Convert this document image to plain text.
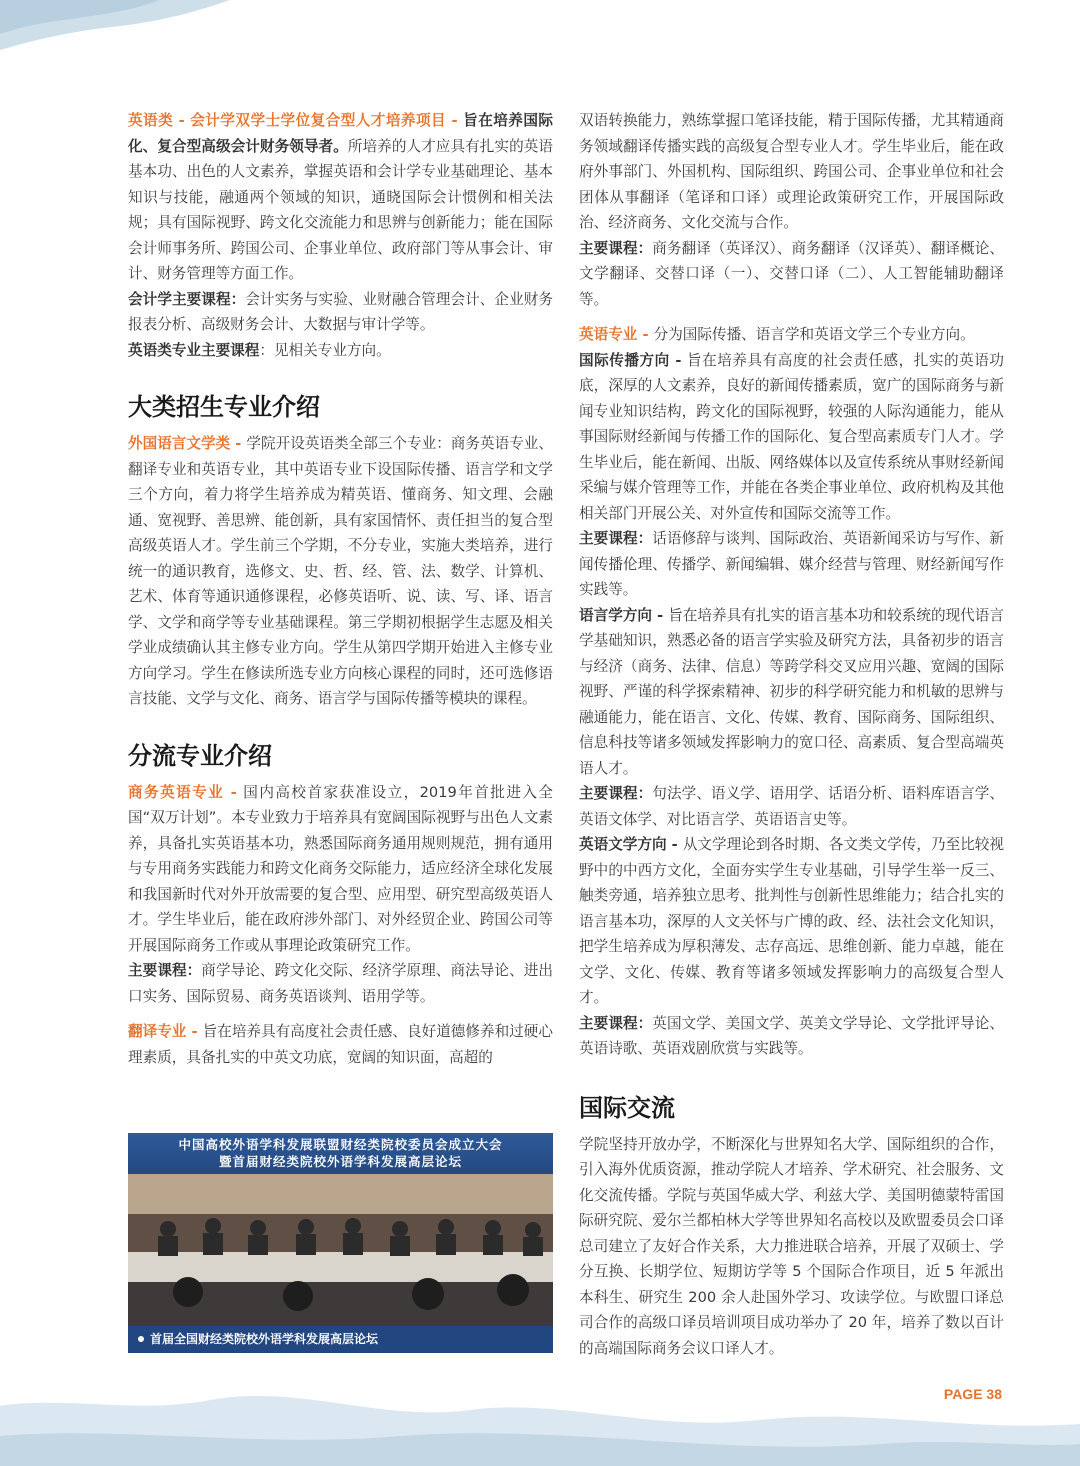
英语类 - 会计学双学士学位复合型人才培养项目 - 旨在培养国际化、复合型高级会计财务领导者。所培养的人才应具有扎实的英语基本功、出色的人文素养，掌握英语和会计学专业基础理论、基本知识与技能，融通两个领域的知识，通晓国际会计惯例和相关法规；具有国际视野、跨文化交流能力和思辨与创新能力；能在国际会计师事务所、跨国公司、企事业单位、政府部门等从事会计、审计、财务管理等方面工作。

会计学主要课程：会计实务与实验、业财融合管理会计、企业财务报表分析、高级财务会计、大数据与审计学等。

英语类专业主要课程：见相关专业方向。

大类招生专业介绍

外国语言文学类 - 学院开设英语类全部三个专业：商务英语专业、翻译专业和英语专业，其中英语专业下设国际传播、语言学和文学三个方向，着力将学生培养成为精英语、懂商务、知文理、会融通、宽视野、善思辨、能创新，具有家国情怀、责任担当的复合型高级英语人才。学生前三个学期，不分专业，实施大类培养，进行统一的通识教育，选修文、史、哲、经、管、法、数学、计算机、艺术、体育等通识通修课程，必修英语听、说、读、写、译、语言学、文学和商学等专业基础课程。第三学期初根据学生志愿及相关学业成绩确认其主修专业方向。学生从第四学期开始进入主修专业方向学习。学生在修读所选专业方向核心课程的同时，还可选修语言技能、文学与文化、商务、语言学与国际传播等模块的课程。

分流专业介绍

商务英语专业 - 国内高校首家获准设立，2019年首批进入全国“双万计划”。本专业致力于培养具有宽阔国际视野与出色人文素养，具备扎实英语基本功，熟悉国际商务通用规则规范，拥有通用与专用商务实践能力和跨文化商务交际能力，适应经济全球化发展和我国新时代对外开放需要的复合型、应用型、研究型高级英语人才。学生毕业后，能在政府涉外部门、对外经贸企业、跨国公司等开展国际商务工作或从事理论政策研究工作。

主要课程：商学导论、跨文化交际、经济学原理、商法导论、进出口实务、国际贸易、商务英语谈判、语用学等。

翻译专业 - 旨在培养具有高度社会责任感、良好道德修养和过硬心理素质，具备扎实的中英文功底，宽阔的知识面，高超的

中国高校外语学科发展联盟财经类院校委员会成立大会
暨首届财经类院校外语学科发展高层论坛
首届全国财经类院校外语学科发展高层论坛

双语转换能力，熟练掌握口笔译技能，精于国际传播，尤其精通商务领域翻译传播实践的高级复合型专业人才。学生毕业后，能在政府外事部门、外国机构、国际组织、跨国公司、企事业单位和社会团体从事翻译（笔译和口译）或理论政策研究工作，开展国际政治、经济商务、文化交流与合作。

主要课程：商务翻译（英译汉）、商务翻译（汉译英）、翻译概论、文学翻译、交替口译（一）、交替口译（二）、人工智能辅助翻译等。

英语专业 - 分为国际传播、语言学和英语文学三个专业方向。

国际传播方向 - 旨在培养具有高度的社会责任感，扎实的英语功底，深厚的人文素养，良好的新闻传播素质，宽广的国际商务与新闻专业知识结构，跨文化的国际视野，较强的人际沟通能力，能从事国际财经新闻与传播工作的国际化、复合型高素质专门人才。学生毕业后，能在新闻、出版、网络媒体以及宣传系统从事财经新闻采编与媒介管理等工作，并能在各类企事业单位、政府机构及其他相关部门开展公关、对外宣传和国际交流等工作。

主要课程：话语修辞与谈判、国际政治、英语新闻采访与写作、新闻传播伦理、传播学、新闻编辑、媒介经营与管理、财经新闻写作实践等。

语言学方向 - 旨在培养具有扎实的语言基本功和较系统的现代语言学基础知识，熟悉必备的语言学实验及研究方法，具备初步的语言与经济（商务、法律、信息）等跨学科交叉应用兴趣、宽阔的国际视野、严谨的科学探索精神、初步的科学研究能力和机敏的思辨与融通能力，能在语言、文化、传媒、教育、国际商务、国际组织、信息科技等诸多领域发挥影响力的宽口径、高素质、复合型高端英语人才。

主要课程：句法学、语义学、语用学、话语分析、语料库语言学、英语文体学、对比语言学、英语语言史等。

英语文学方向 - 从文学理论到各时期、各文类文学传，乃至比较视野中的中西方文化，全面夯实学生专业基础，引导学生举一反三、触类旁通，培养独立思考、批判性与创新性思维能力；结合扎实的语言基本功，深厚的人文关怀与广博的政、经、法社会文化知识，把学生培养成为厚积薄发、志存高远、思维创新、能力卓越，能在文学、文化、传媒、教育等诸多领域发挥影响力的高级复合型人才。

主要课程：英国文学、美国文学、英美文学导论、文学批评导论、英语诗歌、英语戏剧欣赏与实践等。

国际交流

学院坚持开放办学，不断深化与世界知名大学、国际组织的合作，引入海外优质资源，推动学院人才培养、学术研究、社会服务、文化交流传播。学院与英国华威大学、利兹大学、美国明德蒙特雷国际研究院、爱尔兰都柏林大学等世界知名高校以及欧盟委员会口译总司建立了友好合作关系，大力推进联合培养，开展了双硕士、学分互换、长期学位、短期访学等 5 个国际合作项目，近 5 年派出本科生、研究生 200 余人赴国外学习、攻读学位。与欧盟口译总司合作的高级口译员培训项目成功举办了 20 年，培养了数以百计的高端国际商务会议口译人才。

PAGE 38
